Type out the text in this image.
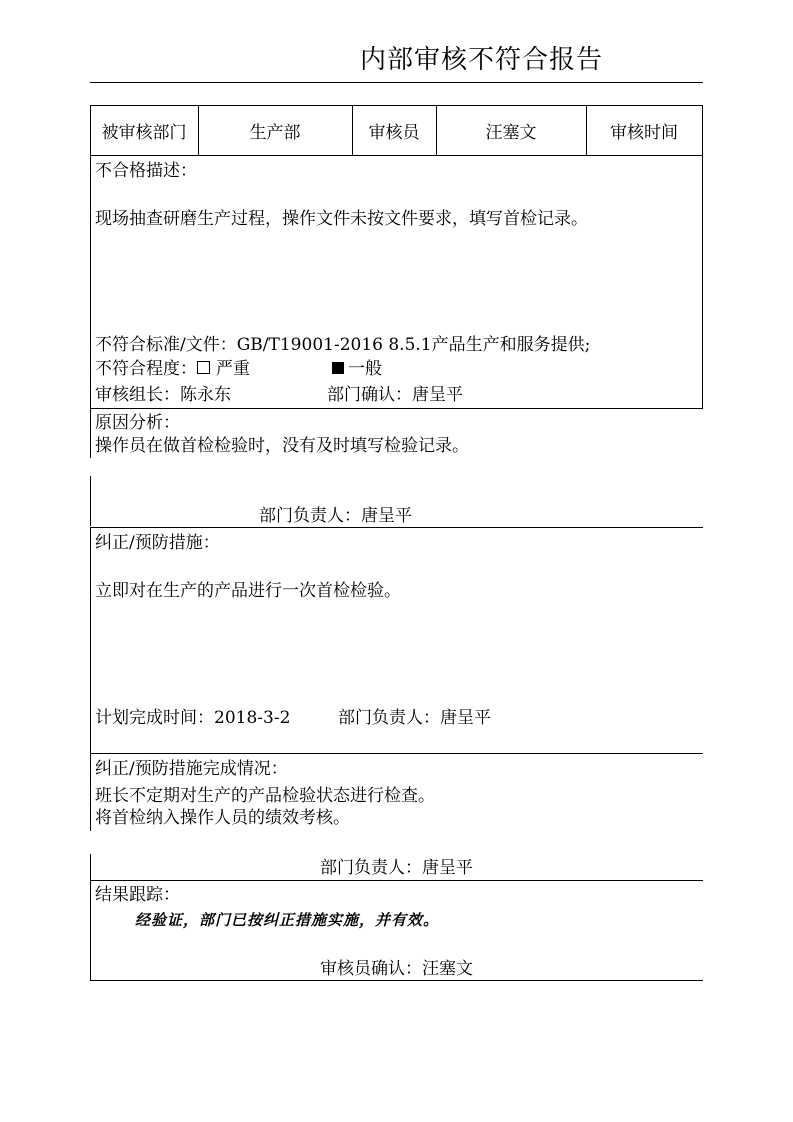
内部审核不符合报告
被审核部门	生产部	审核员	汪塞文	审核时间
不合格描述：
现场抽查研磨生产过程，操作文件未按文件要求，填写首检记录。
不符合标准/文件：GB/T19001-2016 8.5.1产品生产和服务提供;
不符合程度： 严重	一般
审核组长：陈永东	部门确认：唐呈平
原因分析：
操作员在做首检检验时，没有及时填写检验记录。
部门负责人：唐呈平
纠正/预防措施：
立即对在生产的产品进行一次首检检验。
计划完成时间：2018-3-2	部门负责人：唐呈平
纠正/预防措施完成情况：
班长不定期对生产的产品检验状态进行检查。
将首检纳入操作人员的绩效考核。
部门负责人：唐呈平
结果跟踪：
经验证，部门已按纠正措施实施，并有效。
审核员确认：汪塞文
